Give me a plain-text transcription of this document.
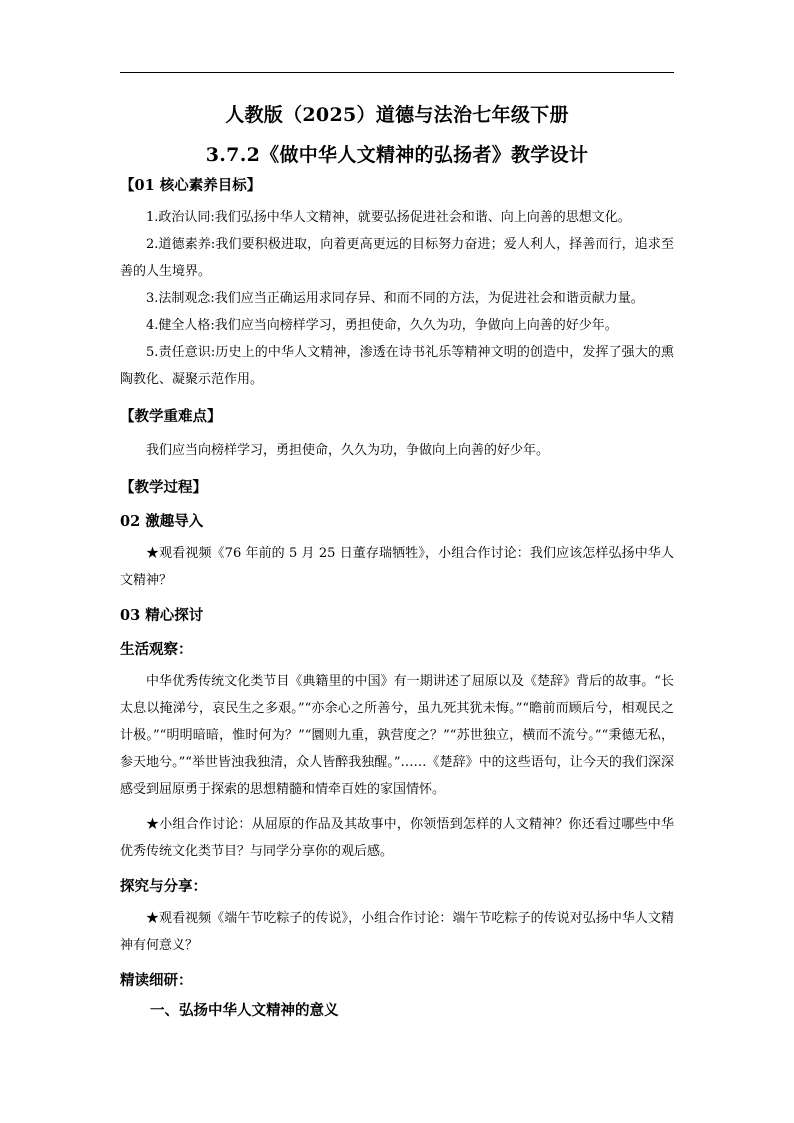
人教版（2025）道德与法治七年级下册

3.7.2《做中华人文精神的弘扬者》教学设计

【01 核心素养目标】

1.政治认同:我们弘扬中华人文精神，就要弘扬促进社会和谐、向上向善的思想文化。

2.道德素养:我们要积极进取，向着更高更远的目标努力奋进；爱人利人，择善而行，追求至善的人生境界。

3.法制观念:我们应当正确运用求同存异、和而不同的方法，为促进社会和谐贡献力量。

4.健全人格:我们应当向榜样学习，勇担使命，久久为功，争做向上向善的好少年。

5.责任意识:历史上的中华人文精神，渗透在诗书礼乐等精神文明的创造中，发挥了强大的熏陶教化、凝聚示范作用。

【教学重难点】

我们应当向榜样学习，勇担使命，久久为功，争做向上向善的好少年。

【教学过程】

02 激趣导入

★观看视频《76 年前的 5 月 25 日董存瑞牺牲》，小组合作讨论：我们应该怎样弘扬中华人文精神？

03 精心探讨

生活观察：

中华优秀传统文化类节目《典籍里的中国》有一期讲述了屈原以及《楚辞》背后的故事。“长太息以掩涕兮，哀民生之多艰。”“亦余心之所善兮，虽九死其犹未悔。”“瞻前而顾后兮，相观民之计极。”“明明暗暗，惟时何为？”“圜则九重，孰营度之？”“苏世独立，横而不流兮。”“秉德无私，参天地兮。”“举世皆浊我独清，众人皆醉我独醒。”……《楚辞》中的这些语句，让今天的我们深深感受到屈原勇于探索的思想精髓和情牵百姓的家国情怀。

★小组合作讨论：从屈原的作品及其故事中，你领悟到怎样的人文精神？你还看过哪些中华优秀传统文化类节目？与同学分享你的观后感。

探究与分享：

★观看视频《端午节吃粽子的传说》，小组合作讨论：端午节吃粽子的传说对弘扬中华人文精神有何意义？

精读细研：

一、弘扬中华人文精神的意义
